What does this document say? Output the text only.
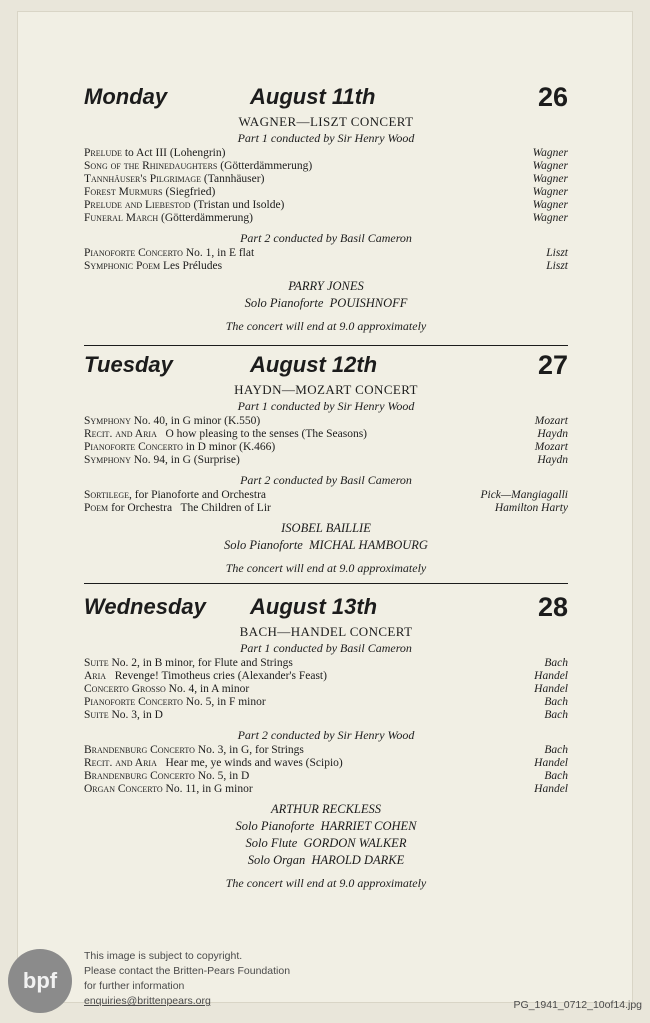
Monday	August 11th	26
WAGNER—LISZT CONCERT
Part 1 conducted by Sir Henry Wood
Prelude to Act III (Lohengrin)	Wagner
Song of the Rhinedaughters (Götterdämmerung)	Wagner
Tannhäuser's Pilgrimage (Tannhäuser)	Wagner
Forest Murmurs (Siegfried)	Wagner
Prelude and Liebestod (Tristan und Isolde)	Wagner
Funeral March (Götterdämmerung)	Wagner
Part 2 conducted by Basil Cameron
Pianoforte Concerto No. 1, in E flat	Liszt
Symphonic Poem Les Préludes	Liszt
PARRY JONES
Solo Pianoforte POUISHNOFF
The concert will end at 9.0 approximately
Tuesday	August 12th	27
HAYDN—MOZART CONCERT
Part 1 conducted by Sir Henry Wood
Symphony No. 40, in G minor (K.550)	Mozart
Recit. and Aria   O how pleasing to the senses (The Seasons)	Haydn
Pianoforte Concerto in D minor (K.466)	Mozart
Symphony No. 94, in G (Surprise)	Haydn
Part 2 conducted by Basil Cameron
Sortilege, for Pianoforte and Orchestra	Pick—Mangiagalli
Poem for Orchestra   The Children of Lir	Hamilton Harty
ISOBEL BAILLIE
Solo Pianoforte MICHAL HAMBOURG
The concert will end at 9.0 approximately
Wednesday August 13th	28
BACH—HANDEL CONCERT
Part 1 conducted by Basil Cameron
Suite No. 2, in B minor, for Flute and Strings	Bach
Aria   Revenge! Timotheus cries (Alexander's Feast)	Handel
Concerto Grosso No. 4, in A minor	Handel
Pianoforte Concerto No. 5, in F minor	Bach
Suite No. 3, in D	Bach
Part 2 conducted by Sir Henry Wood
Brandenburg Concerto No. 3, in G, for Strings	Bach
Recit. and Aria   Hear me, ye winds and waves (Scipio)	Handel
Brandenburg Concerto No. 5, in D	Bach
Organ Concerto No. 11, in G minor	Handel
ARTHUR RECKLESS
Solo Pianoforte HARRIET COHEN
Solo Flute GORDON WALKER
Solo Organ HAROLD DARKE
The concert will end at 9.0 approximately
bpf
This image is subject to copyright.
Please contact the Britten-Pears Foundation
for further information
enquiries@brittenpears.org	PG_1941_0712_10of14.jpg
